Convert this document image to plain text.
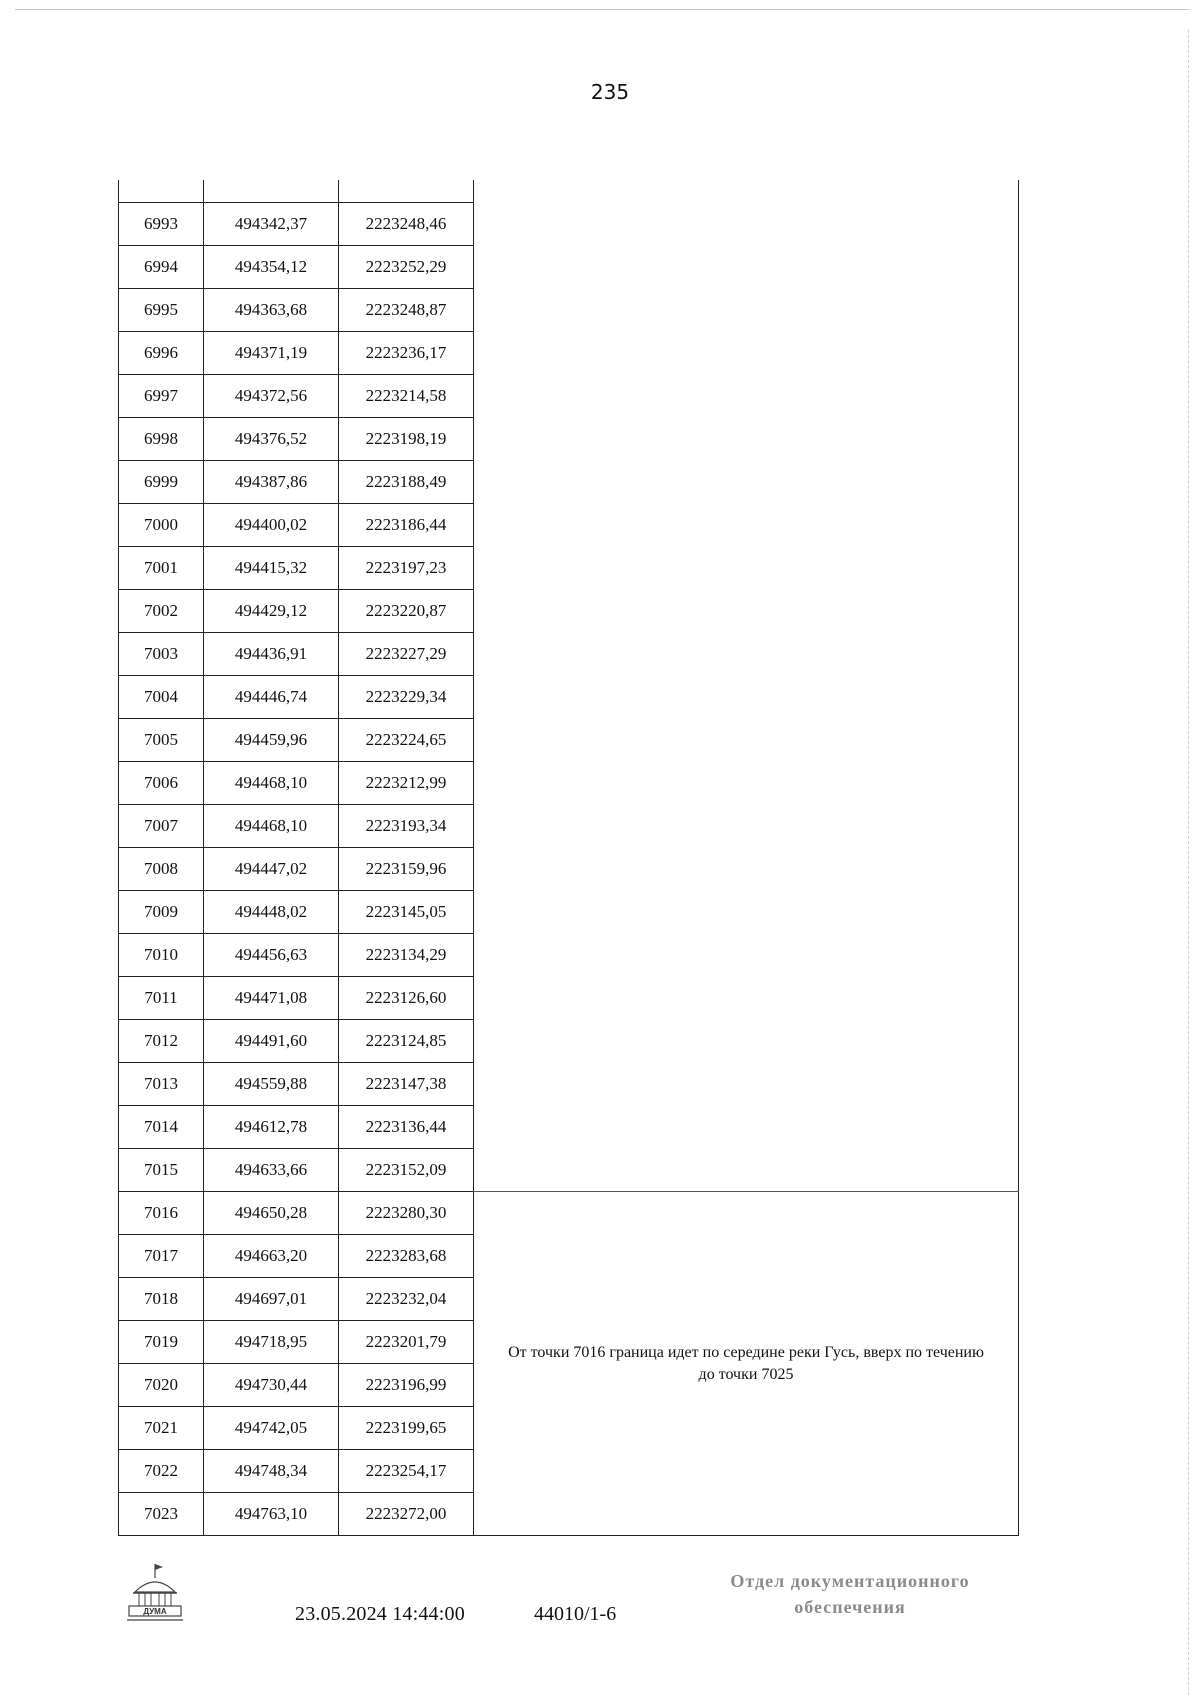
235

6993	494342,37	2223248,46	
6994	494354,12	2223252,29	
6995	494363,68	2223248,87	
6996	494371,19	2223236,17	
6997	494372,56	2223214,58	
6998	494376,52	2223198,19	
6999	494387,86	2223188,49	
7000	494400,02	2223186,44	
7001	494415,32	2223197,23	
7002	494429,12	2223220,87	
7003	494436,91	2223227,29	
7004	494446,74	2223229,34	
7005	494459,96	2223224,65	
7006	494468,10	2223212,99	
7007	494468,10	2223193,34	
7008	494447,02	2223159,96	
7009	494448,02	2223145,05	
7010	494456,63	2223134,29	
7011	494471,08	2223126,60	
7012	494491,60	2223124,85	
7013	494559,88	2223147,38	
7014	494612,78	2223136,44	
7015	494633,66	2223152,09	
7016	494650,28	2223280,30	От точки 7016 граница идет по середине реки Гусь, вверх по течению до точки 7025
7017	494663,20	2223283,68	
7018	494697,01	2223232,04	
7019	494718,95	2223201,79	
7020	494730,44	2223196,99	
7021	494742,05	2223199,65	
7022	494748,34	2223254,17	
7023	494763,10	2223272,00	
ДУМА	23.05.2024 14:44:00	44010/1-6
Отдел документационного
обеспечения
